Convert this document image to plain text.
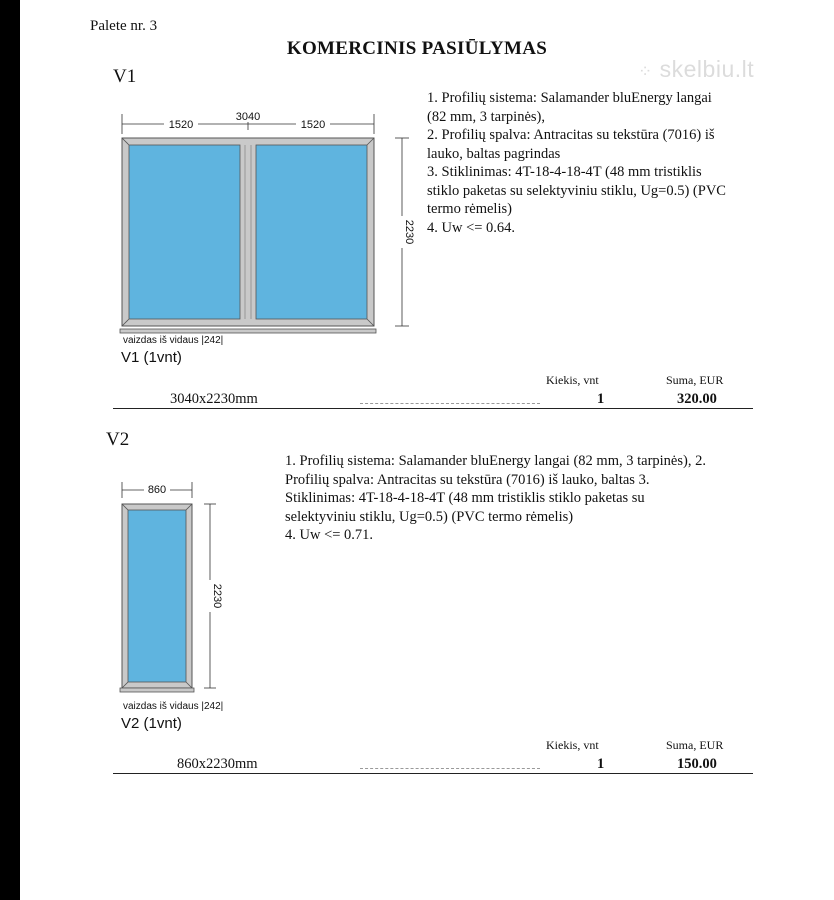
Palete nr. 3
KOMERCINIS PASIŪLYMAS
⁘ skelbiu.lt
V1
3040
1520	1520
2230
vaizdas iš vidaus |242|
V1 (1vnt)
1. Profilių sistema: Salamander bluEnergy langai
(82 mm, 3 tarpinės),
2. Profilių spalva: Antracitas su tekstūra (7016) iš
lauko, baltas pagrindas
3. Stiklinimas: 4T-18-4-18-4T (48 mm tristiklis
stiklo paketas su selektyviniu stiklu, Ug=0.5) (PVC
termo rėmelis)
4. Uw <= 0.64.
Kiekis, vnt	Suma, EUR
3040x2230mm	1	320.00
V2
860
2230
vaizdas iš vidaus |242|
V2 (1vnt)
1. Profilių sistema: Salamander bluEnergy langai (82 mm, 3 tarpinės), 2.
Profilių spalva: Antracitas su tekstūra (7016) iš lauko, baltas 3.
Stiklinimas: 4T-18-4-18-4T (48 mm tristiklis stiklo paketas su
selektyviniu stiklu, Ug=0.5) (PVC termo rėmelis)
4. Uw <= 0.71.
Kiekis, vnt	Suma, EUR
860x2230mm	1	150.00
